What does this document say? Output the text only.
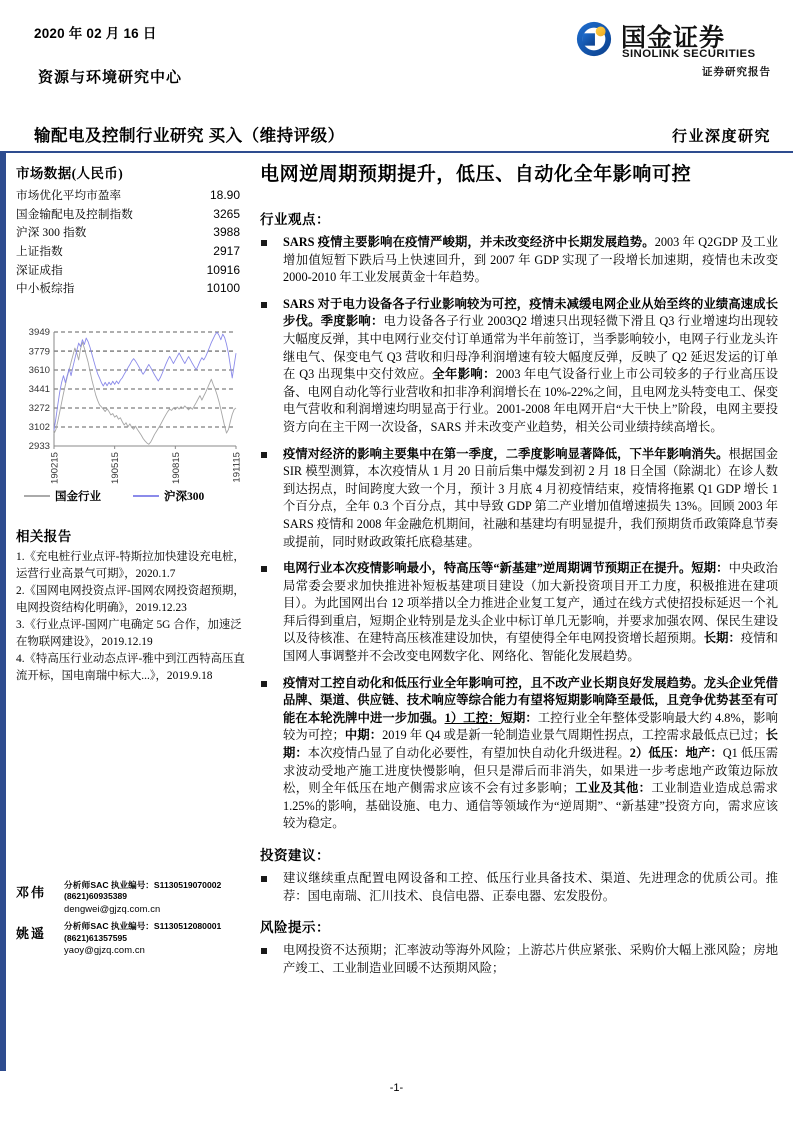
2020 年 02 月 16 日
资源与环境研究中心
输配电及控制行业研究 买入（维持评级）	行业深度研究
国金证券
SINOLINK SECURITIES
证券研究报告
市场数据(人民币)
市场优化平均市盈率	18.90
国金输配电及控制指数	3265
沪深 300 指数	3988
上证指数	2917
深证成指	10916
中小板综指	10100
2933
3102
3272
3441
3610
3779
3949
190215	190515	190815	191115
国金行业	沪深300
相关报告
1.《充电桩行业点评-特斯拉加快建设充电桩，运营行业高景气可期》，2020.1.7
2.《国网电网投资点评-国网农网投资超预期，电网投资结构化明确》，2019.12.23
3.《行业点评-国网广电确定 5G 合作，加速泛在物联网建设》，2019.12.19
4.《特高压行业动态点评-雅中到江西特高压直流开标，国电南瑞中标大...》，2019.9.18
邓伟	分析师SAC 执业编号：S1130519070002
(8621)60935389
dengwei@gjzq.com.cn
姚遥	分析师SAC 执业编号：S1130512080001
(8621)61357595
yaoy@gjzq.com.cn
电网逆周期预期提升，低压、自动化全年影响可控
行业观点：

SARS 疫情主要影响在疫情严峻期，并未改变经济中长期发展趋势。2003 年 Q2GDP 及工业增加值短暂下跌后马上快速回升，到 2007 年 GDP 实现了一段增长加速期，疫情也未改变 2000-2010 年工业发展黄金十年趋势。

SARS 对于电力设备各子行业影响较为可控，疫情未减缓电网企业从始至终的业绩高速成长步伐。季度影响：电力设备各子行业 2003Q2 增速只出现轻微下滑且 Q3 行业增速均出现较大幅度反弹，其中电网行业交付订单通常为半年前签订，当季影响较小，电网子行业龙头许继电气、保变电气 Q3 营收和归母净利润增速有较大幅度反弹，反映了 Q2 延迟发运的订单在 Q3 出现集中交付效应。全年影响：2003 年电气设备行业上市公司较多的子行业高压设备、电网自动化等行业营收和扣非净利润增长在 10%-22%之间，且电网龙头特变电工、保变电气营收和利润增速均明显高于行业。2001-2008 年电网开启“大干快上”阶段，电网主要投资方向在主干网一次设备，SARS 并未改变产业趋势，相关公司业绩持续高增长。

疫情对经济的影响主要集中在第一季度，二季度影响显著降低，下半年影响消失。根据国金 SIR 模型测算，本次疫情从 1 月 20 日前后集中爆发到初 2 月 18 日全国（除湖北）在诊人数到达拐点，时间跨度大致一个月，预计 3 月底 4 月初疫情结束，疫情将拖累 Q1 GDP 增长 1 个百分点，全年 0.3 个百分点，其中导致 GDP 第二产业增加值增速损失 13%。回顾 2003 年 SARS 疫情和 2008 年金融危机期间，社融和基建均有明显提升，我们预期货币政策降息节奏或提前，同时财政政策托底稳基建。

电网行业本次疫情影响最小，特高压等“新基建”逆周期调节预期正在提升。短期：中央政治局常委会要求加快推进补短板基建项目建设（加大新投资项目开工力度，积极推进在建项目）。为此国网出台 12 项举措以全力推进企业复工复产，通过在线方式使招投标延迟一个礼拜后得到重启，短期企业特别是龙头企业中标订单几无影响，并要求加强农网、保民生建设以及待核准、在建特高压核准建设加快，有望使得全年电网投资增长超预期。长期：疫情和国网人事调整并不会改变电网数字化、网络化、智能化发展趋势。

疫情对工控自动化和低压行业全年影响可控，且不改产业长期良好发展趋势。龙头企业凭借品牌、渠道、供应链、技术响应等综合能力有望将短期影响降至最低，且竞争优势甚至有可能在本轮洗牌中进一步加强。1）工控：短期：工控行业全年整体受影响最大约 4.8%，影响较为可控；中期：2019 年 Q4 或是新一轮制造业景气周期性拐点，工控需求最低点已过；长期：本次疫情凸显了自动化必要性，有望加快自动化升级进程。2）低压：地产：Q1 低压需求波动受地产施工进度快慢影响，但只是滞后而非消失，如果进一步考虑地产政策边际放松，则全年低压在地产侧需求应该不会有过多影响；工业及其他：工业制造业造成总需求 1.25%的影响，基础设施、电力、通信等领域作为“逆周期”、“新基建”投资方向，需求应该较为稳定。

投资建议：

建议继续重点配置电网设备和工控、低压行业具备技术、渠道、先进理念的优质公司。推荐：国电南瑞、汇川技术、良信电器、正泰电器、宏发股份。

风险提示：

电网投资不达预期；汇率波动等海外风险；上游芯片供应紧张、采购价大幅上涨风险；房地产竣工、工业制造业回暖不达预期风险；

-1-
